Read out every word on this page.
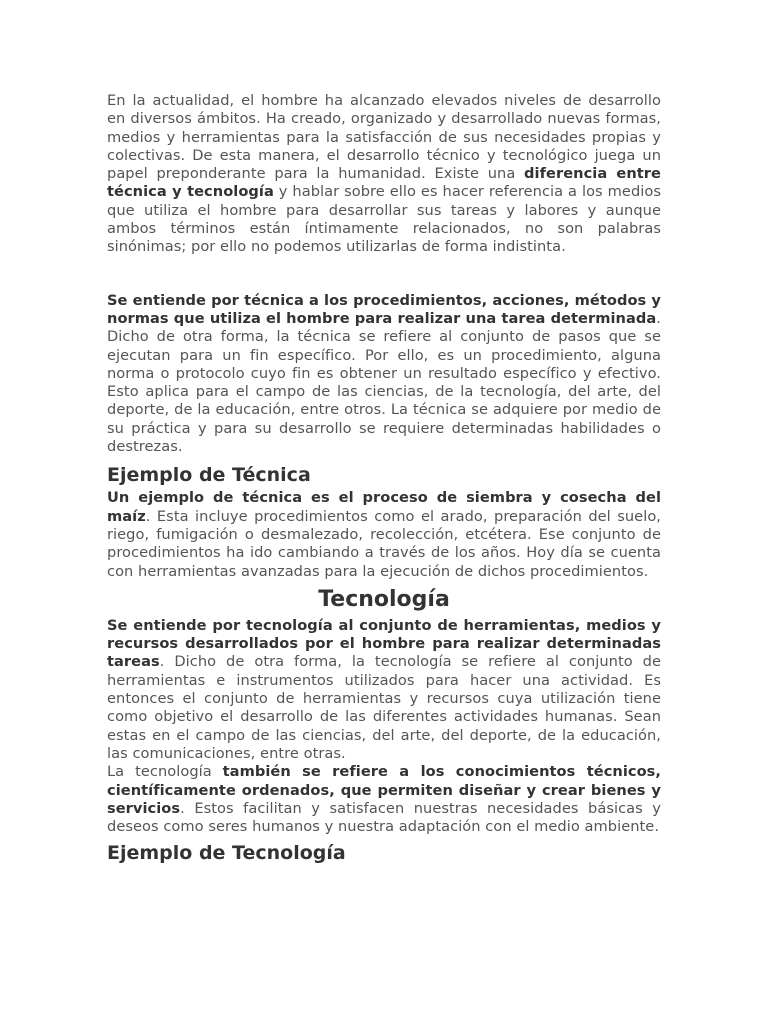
En la actualidad, el hombre ha alcanzado elevados niveles de desarrollo en diversos ámbitos. Ha creado, organizado y desarrollado nuevas formas, medios y herramientas para la satisfacción de sus necesidades propias y colectivas. De esta manera, el desarrollo técnico y tecnológico juega un papel preponderante para la humanidad. Existe una diferencia entre técnica y tecnología y hablar sobre ello es hacer referencia a los medios que utiliza el hombre para desarrollar sus tareas y labores y aunque ambos términos están íntimamente relacionados, no son palabras sinónimas; por ello no podemos utilizarlas de forma indistinta.

Se entiende por técnica a los procedimientos, acciones, métodos y normas que utiliza el hombre para realizar una tarea determinada. Dicho de otra forma, la técnica se refiere al conjunto de pasos que se ejecutan para un fin específico. Por ello, es un procedimiento, alguna norma o protocolo cuyo fin es obtener un resultado específico y efectivo. Esto aplica para el campo de las ciencias, de la tecnología, del arte, del deporte, de la educación, entre otros. La técnica se adquiere por medio de su práctica y para su desarrollo se requiere determinadas habilidades o destrezas.

Ejemplo de Técnica

Un ejemplo de técnica es el proceso de siembra y cosecha del maíz. Esta incluye procedimientos como el arado, preparación del suelo, riego, fumigación o desmalezado, recolección, etcétera. Ese conjunto de procedimientos ha ido cambiando a través de los años. Hoy día se cuenta con herramientas avanzadas para la ejecución de dichos procedimientos.

Tecnología

Se entiende por tecnología al conjunto de herramientas, medios y recursos desarrollados por el hombre para realizar determinadas tareas. Dicho de otra forma, la tecnología se refiere al conjunto de herramientas e instrumentos utilizados para hacer una actividad. Es entonces el conjunto de herramientas y recursos cuya utilización tiene como objetivo el desarrollo de las diferentes actividades humanas. Sean estas en el campo de las ciencias, del arte, del deporte, de la educación, las comunicaciones, entre otras.

La tecnología también se refiere a los conocimientos técnicos, científicamente ordenados, que permiten diseñar y crear bienes y servicios. Estos facilitan y satisfacen nuestras necesidades básicas y deseos como seres humanos y nuestra adaptación con el medio ambiente.

Ejemplo de Tecnología
